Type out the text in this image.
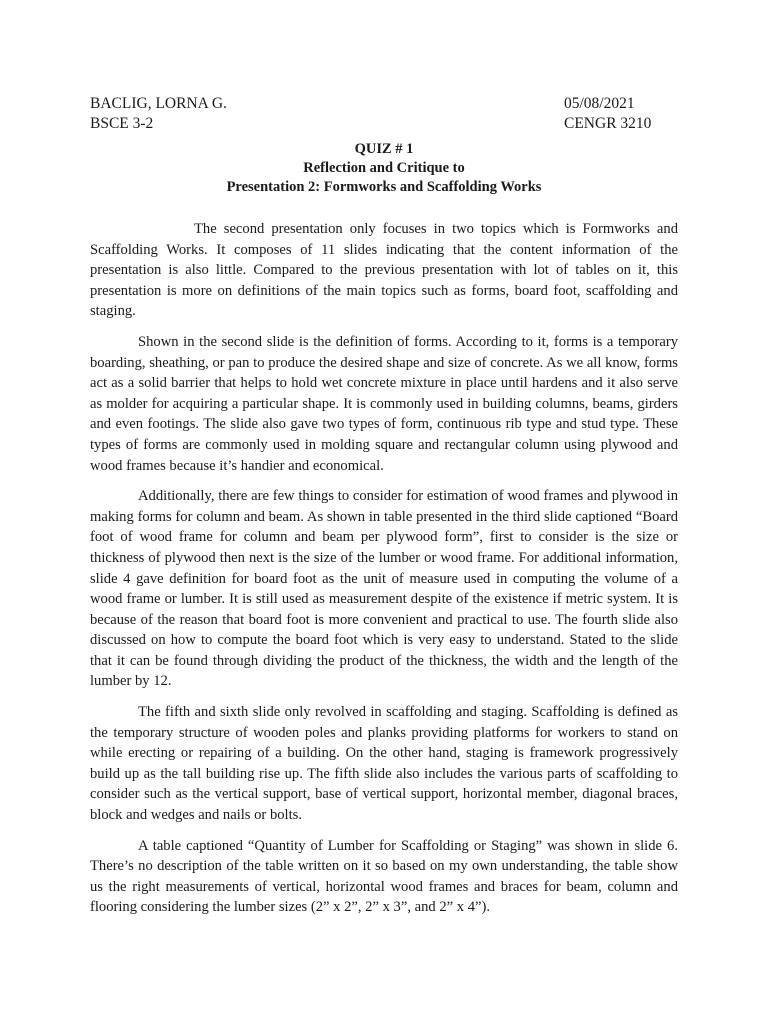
BACLIG, LORNA G.	05/08/2021
BSCE 3-2	CENGR 3210
QUIZ # 1
Reflection and Critique to
Presentation 2: Formworks and Scaffolding Works

The second presentation only focuses in two topics which is Formworks and Scaffolding Works. It composes of 11 slides indicating that the content information of the presentation is also little. Compared to the previous presentation with lot of tables on it, this presentation is more on definitions of the main topics such as forms, board foot, scaffolding and staging.

Shown in the second slide is the definition of forms. According to it, forms is a temporary boarding, sheathing, or pan to produce the desired shape and size of concrete. As we all know, forms act as a solid barrier that helps to hold wet concrete mixture in place until hardens and it also serve as molder for acquiring a particular shape. It is commonly used in building columns, beams, girders and even footings. The slide also gave two types of form, continuous rib type and stud type. These types of forms are commonly used in molding square and rectangular column using plywood and wood frames because it’s handier and economical.

Additionally, there are few things to consider for estimation of wood frames and plywood in making forms for column and beam. As shown in table presented in the third slide captioned “Board foot of wood frame for column and beam per plywood form”, first to consider is the size or thickness of plywood then next is the size of the lumber or wood frame. For additional information, slide 4 gave definition for board foot as the unit of measure used in computing the volume of a wood frame or lumber. It is still used as measurement despite of the existence if metric system. It is because of the reason that board foot is more convenient and practical to use. The fourth slide also discussed on how to compute the board foot which is very easy to understand. Stated to the slide that it can be found through dividing the product of the thickness, the width and the length of the lumber by 12.

The fifth and sixth slide only revolved in scaffolding and staging. Scaffolding is defined as the temporary structure of wooden poles and planks providing platforms for workers to stand on while erecting or repairing of a building. On the other hand, staging is framework progressively build up as the tall building rise up. The fifth slide also includes the various parts of scaffolding to consider such as the vertical support, base of vertical support, horizontal member, diagonal braces, block and wedges and nails or bolts.

A table captioned “Quantity of Lumber for Scaffolding or Staging” was shown in slide 6. There’s no description of the table written on it so based on my own understanding, the table show us the right measurements of vertical, horizontal wood frames and braces for beam, column and flooring considering the lumber sizes (2” x 2”, 2” x 3”, and 2” x 4”).
